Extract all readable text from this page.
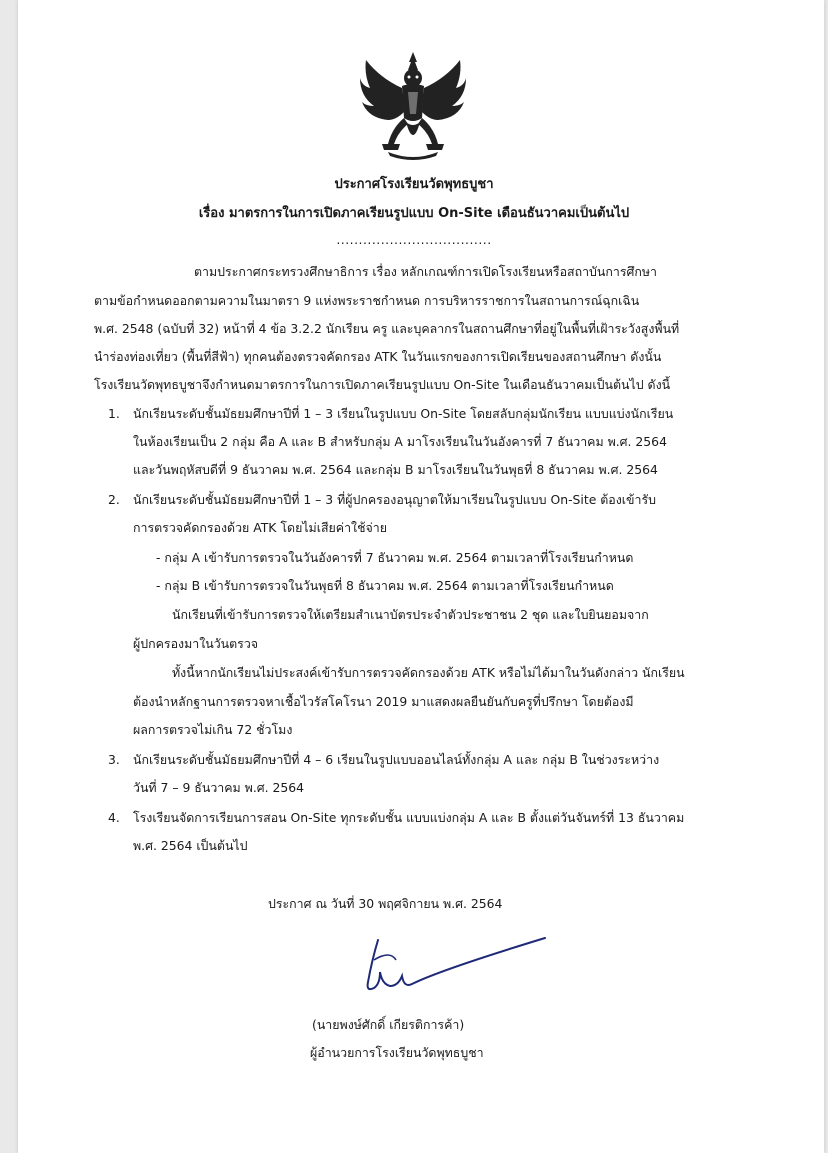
ประกาศโรงเรียนวัดพุทธบูชา
เรื่อง มาตรการในการเปิดภาคเรียนรูปแบบ On-Site เดือนธันวาคมเป็นต้นไป
...................................
ตามประกาศกระทรวงศึกษาธิการ เรื่อง หลักเกณฑ์การเปิดโรงเรียนหรือสถาบันการศึกษา
ตามข้อกำหนดออกตามความในมาตรา 9 แห่งพระราชกำหนด การบริหารราชการในสถานการณ์ฉุกเฉิน
พ.ศ. 2548 (ฉบับที่ 32) หน้าที่ 4 ข้อ 3.2.2 นักเรียน ครู และบุคลากรในสถานศึกษาที่อยู่ในพื้นที่เฝ้าระวังสูงพื้นที่
นำร่องท่องเที่ยว (พื้นที่สีฟ้า) ทุกคนต้องตรวจคัดกรอง ATK ในวันแรกของการเปิดเรียนของสถานศึกษา ดังนั้น
โรงเรียนวัดพุทธบูชาจึงกำหนดมาตรการในการเปิดภาคเรียนรูปแบบ On-Site ในเดือนธันวาคมเป็นต้นไป ดังนี้
1. นักเรียนระดับชั้นมัธยมศึกษาปีที่ 1 – 3 เรียนในรูปแบบ On-Site โดยสลับกลุ่มนักเรียน แบบแบ่งนักเรียน
ในห้องเรียนเป็น 2 กลุ่ม คือ A และ B สำหรับกลุ่ม A มาโรงเรียนในวันอังคารที่ 7 ธันวาคม พ.ศ. 2564
และวันพฤหัสบดีที่ 9 ธันวาคม พ.ศ. 2564 และกลุ่ม B มาโรงเรียนในวันพุธที่ 8 ธันวาคม พ.ศ. 2564
2. นักเรียนระดับชั้นมัธยมศึกษาปีที่ 1 – 3 ที่ผู้ปกครองอนุญาตให้มาเรียนในรูปแบบ On-Site ต้องเข้ารับ
การตรวจคัดกรองด้วย ATK โดยไม่เสียค่าใช้จ่าย
- กลุ่ม A เข้ารับการตรวจในวันอังคารที่ 7 ธันวาคม พ.ศ. 2564 ตามเวลาที่โรงเรียนกำหนด
- กลุ่ม B เข้ารับการตรวจในวันพุธที่ 8 ธันวาคม พ.ศ. 2564 ตามเวลาที่โรงเรียนกำหนด
นักเรียนที่เข้ารับการตรวจให้เตรียมสำเนาบัตรประจำตัวประชาชน 2 ชุด และใบยินยอมจาก
ผู้ปกครองมาในวันตรวจ
ทั้งนี้หากนักเรียนไม่ประสงค์เข้ารับการตรวจคัดกรองด้วย ATK หรือไม่ได้มาในวันดังกล่าว นักเรียน
ต้องนำหลักฐานการตรวจหาเชื้อไวรัสโคโรนา 2019 มาแสดงผลยืนยันกับครูที่ปรึกษา โดยต้องมี
ผลการตรวจไม่เกิน 72 ชั่วโมง
3. นักเรียนระดับชั้นมัธยมศึกษาปีที่ 4 – 6 เรียนในรูปแบบออนไลน์ทั้งกลุ่ม A และ กลุ่ม B ในช่วงระหว่าง
วันที่ 7 – 9 ธันวาคม พ.ศ. 2564
4. โรงเรียนจัดการเรียนการสอน On-Site ทุกระดับชั้น แบบแบ่งกลุ่ม A และ B ตั้งแต่วันจันทร์ที่ 13 ธันวาคม
พ.ศ. 2564 เป็นต้นไป
ประกาศ ณ วันที่ 30 พฤศจิกายน พ.ศ. 2564
(นายพงษ์ศักดิ์ เกียรติการค้า)
ผู้อำนวยการโรงเรียนวัดพุทธบูชา
